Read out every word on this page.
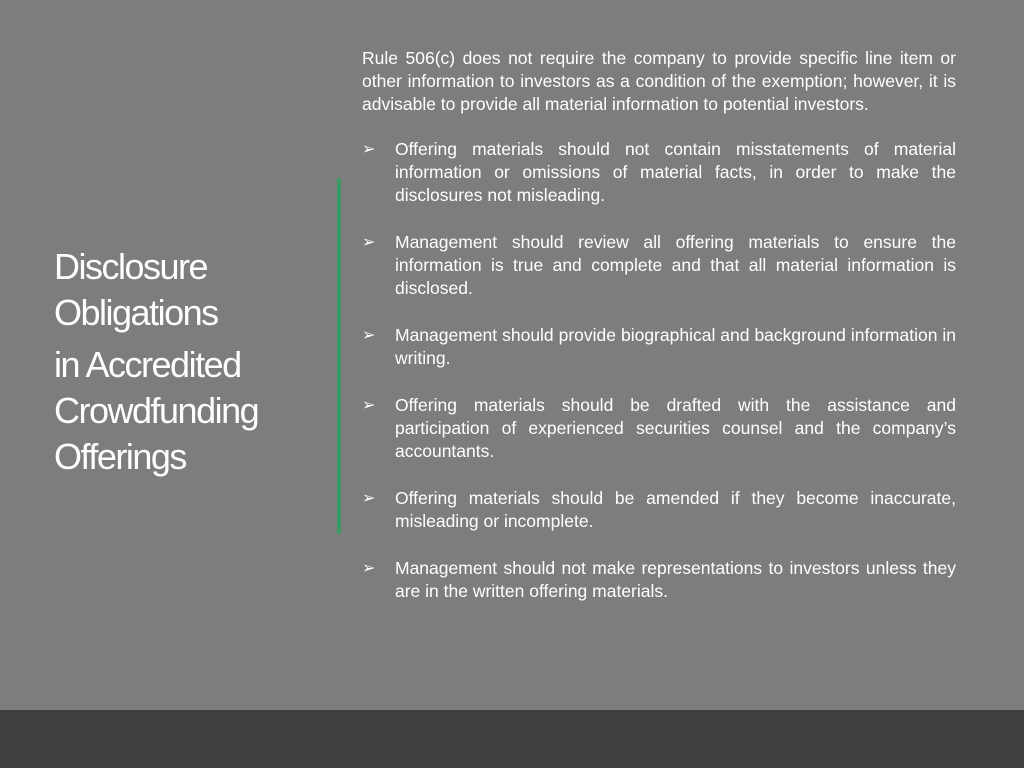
Disclosure
Obligations
in Accredited
Crowdfunding
Offerings

Rule 506(c) does not require the company to provide specific line item or other information to investors as a condition of the exemption; however, it is advisable to provide all material information to potential investors.

➢	Offering materials should not contain misstatements of material information or omissions of material facts, in order to make the disclosures not misleading.
➢	Management should review all offering materials to ensure the information is true and complete and that all material information is disclosed.
➢	Management should provide biographical and background information in writing.
➢	Offering materials should be drafted with the assistance and participation of experienced securities counsel and the company’s accountants.
➢	Offering materials should be amended if they become inaccurate, misleading or incomplete.
➢	Management should not make representations to investors unless they are in the written offering materials.
